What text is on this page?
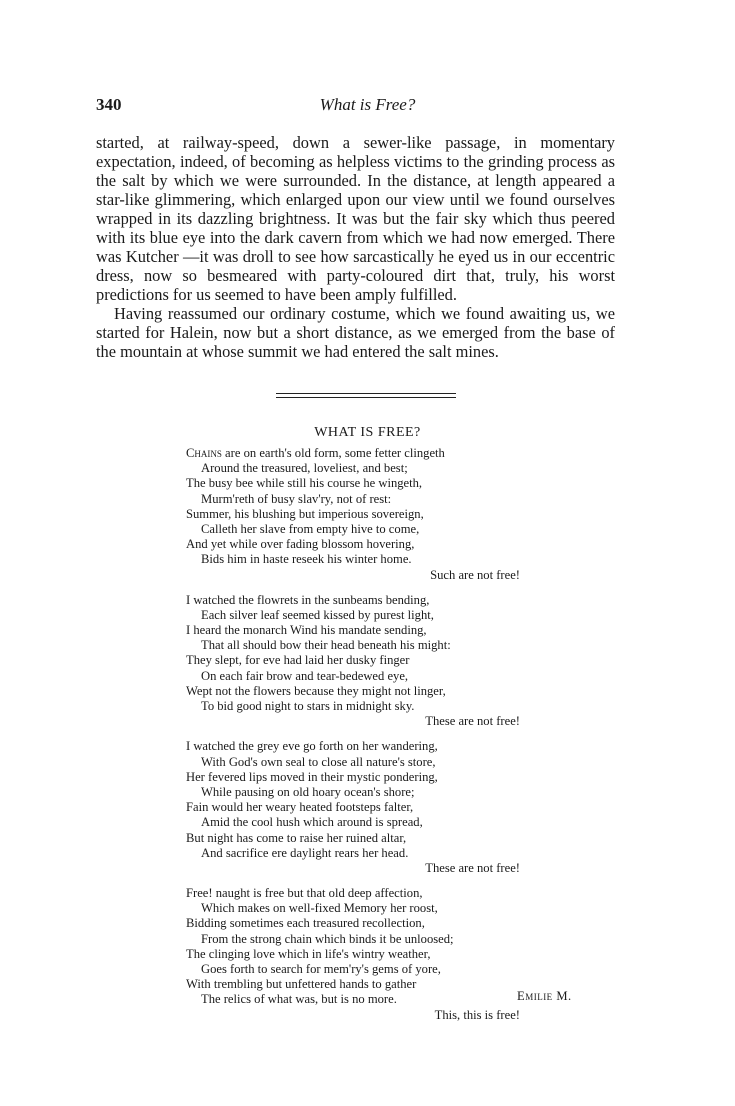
340	What is Free?

started, at railway-speed, down a sewer-like passage, in momentary expectation, indeed, of becoming as helpless victims to the grinding process as the salt by which we were surrounded. In the distance, at length appeared a star-like glimmering, which enlarged upon our view until we found ourselves wrapped in its dazzling brightness. It was but the fair sky which thus peered with its blue eye into the dark cavern from which we had now emerged. There was Kutcher —it was droll to see how sarcastically he eyed us in our eccentric dress, now so besmeared with party-coloured dirt that, truly, his worst predictions for us seemed to have been amply fulfilled.

Having reassumed our ordinary costume, which we found awaiting us, we started for Halein, now but a short distance, as we emerged from the base of the mountain at whose summit we had entered the salt mines.

WHAT IS FREE?
Chains are on earth's old form, some fetter clingeth
Around the treasured, loveliest, and best;
The busy bee while still his course he wingeth,
Murm'reth of busy slav'ry, not of rest:
Summer, his blushing but imperious sovereign,
Calleth her slave from empty hive to come,
And yet while over fading blossom hovering,
Bids him in haste reseek his winter home.
Such are not free!
I watched the flowrets in the sunbeams bending,
Each silver leaf seemed kissed by purest light,
I heard the monarch Wind his mandate sending,
That all should bow their head beneath his might:
They slept, for eve had laid her dusky finger
On each fair brow and tear-bedewed eye,
Wept not the flowers because they might not linger,
To bid good night to stars in midnight sky.
These are not free!
I watched the grey eve go forth on her wandering,
With God's own seal to close all nature's store,
Her fevered lips moved in their mystic pondering,
While pausing on old hoary ocean's shore;
Fain would her weary heated footsteps falter,
Amid the cool hush which around is spread,
But night has come to raise her ruined altar,
And sacrifice ere daylight rears her head.
These are not free!
Free! naught is free but that old deep affection,
Which makes on well-fixed Memory her roost,
Bidding sometimes each treasured recollection,
From the strong chain which binds it be unloosed;
The clinging love which in life's wintry weather,
Goes forth to search for mem'ry's gems of yore,
With trembling but unfettered hands to gather
The relics of what was, but is no more.
This, this is free!
Emilie M.
